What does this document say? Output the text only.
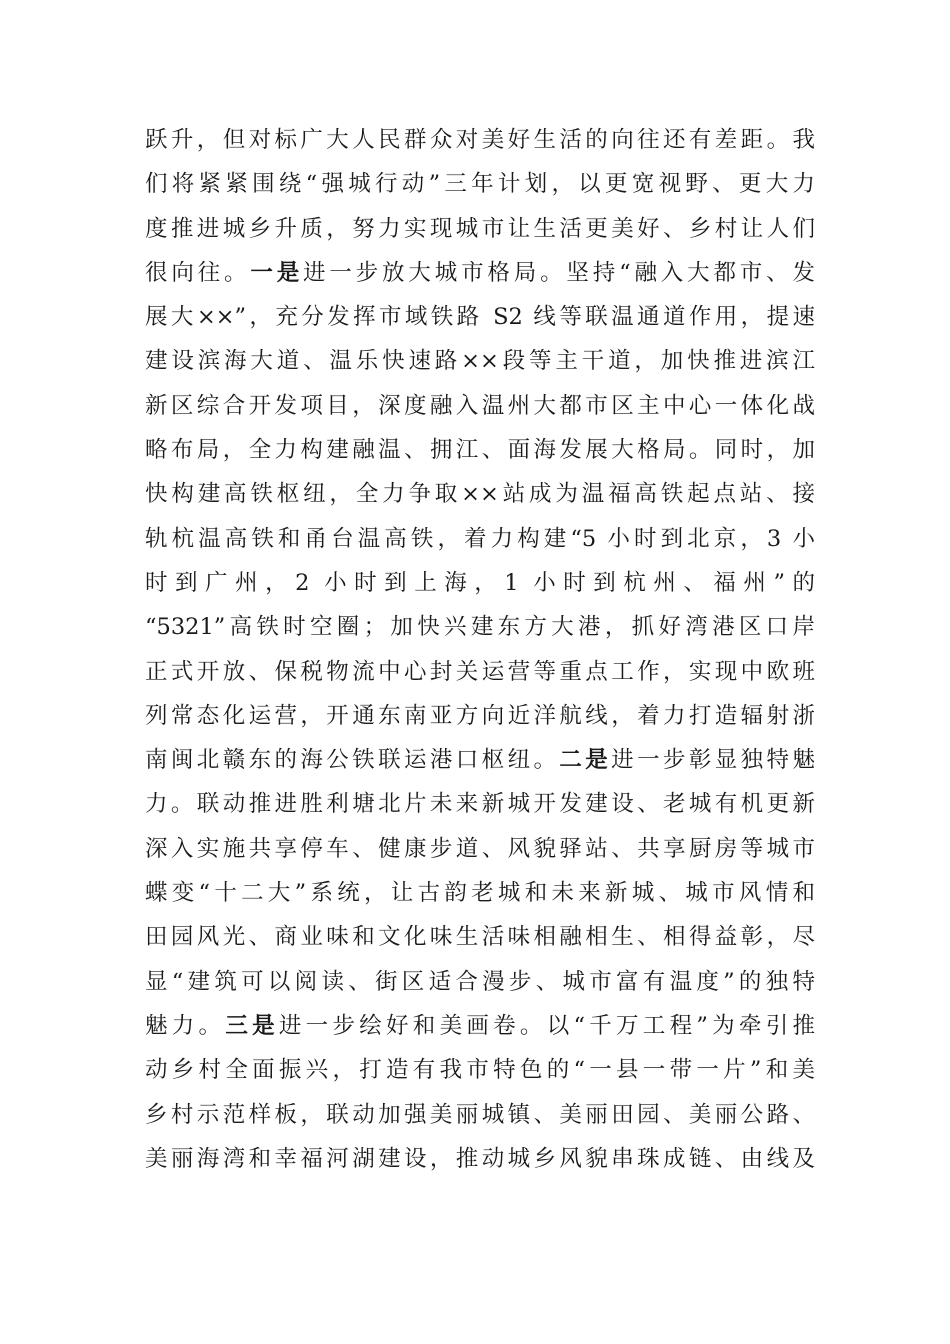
跃升，但对标广大人民群众对美好生活的向往还有差距。我
们将紧紧围绕“强城行动”三年计划，以更宽视野、更大力
度推进城乡升质，努力实现城市让生活更美好、乡村让人们
很向往。一是进一步放大城市格局。坚持“融入大都市、发
展大××”，充分发挥市域铁路 S2 线等联温通道作用，提速
建设滨海大道、温乐快速路××段等主干道，加快推进滨江
新区综合开发项目，深度融入温州大都市区主中心一体化战
略布局，全力构建融温、拥江、面海发展大格局。同时，加
快构建高铁枢纽，全力争取××站成为温福高铁起点站、接
轨杭温高铁和甬台温高铁，着力构建“5 小时到北京，3 小
时到广州，2 小时到上海，1 小时到杭州、福州”的
“5321”高铁时空圈；加快兴建东方大港，抓好湾港区口岸
正式开放、保税物流中心封关运营等重点工作，实现中欧班
列常态化运营，开通东南亚方向近洋航线，着力打造辐射浙
南闽北赣东的海公铁联运港口枢纽。二是进一步彰显独特魅
力。联动推进胜利塘北片未来新城开发建设、老城有机更新
深入实施共享停车、健康步道、风貌驿站、共享厨房等城市
蝶变“十二大”系统，让古韵老城和未来新城、城市风情和
田园风光、商业味和文化味生活味相融相生、相得益彰，尽
显“建筑可以阅读、街区适合漫步、城市富有温度”的独特
魅力。三是进一步绘好和美画卷。以“千万工程”为牵引推
动乡村全面振兴，打造有我市特色的“一县一带一片”和美
乡村示范样板，联动加强美丽城镇、美丽田园、美丽公路、
美丽海湾和幸福河湖建设，推动城乡风貌串珠成链、由线及
